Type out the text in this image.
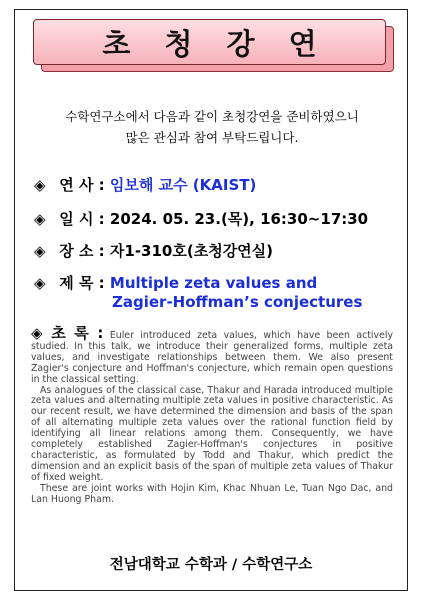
초 청 강 연
수학연구소에서 다음과 같이 초청강연을 준비하였으니
많은 관심과 참여 부탁드립니다.
◈ 연 사 : 임보해 교수 (KAIST)
◈ 일 시 : 2024. 05. 23.(목), 16:30~17:30
◈ 장 소 : 자1-310호(초청강연실)
◈ 제 목 : Multiple zeta values and
Zagier-Hoffman’s conjectures

◈ 초 록 : Euler introduced zeta values, which have been actively studied. In this talk, we introduce their generalized forms, multiple zeta values, and investigate relationships between them. We also present Zagier's conjecture and Hoffman's conjecture, which remain open questions in the classical setting.

As analogues of the classical case, Thakur and Harada introduced multiple zeta values and alternating multiple zeta values in positive characteristic. As our recent result, we have determined the dimension and basis of the span of all alternating multiple zeta values over the rational function field by identifying all linear relations among them. Consequently, we have completely established Zagier-Hoffman's conjectures in positive characteristic, as formulated by Todd and Thakur, which predict the dimension and an explicit basis of the span of multiple zeta values of Thakur of fixed weight.

These are joint works with Hojin Kim, Khac Nhuan Le, Tuan Ngo Dac, and Lan Huong Pham.

전남대학교 수학과 / 수학연구소
